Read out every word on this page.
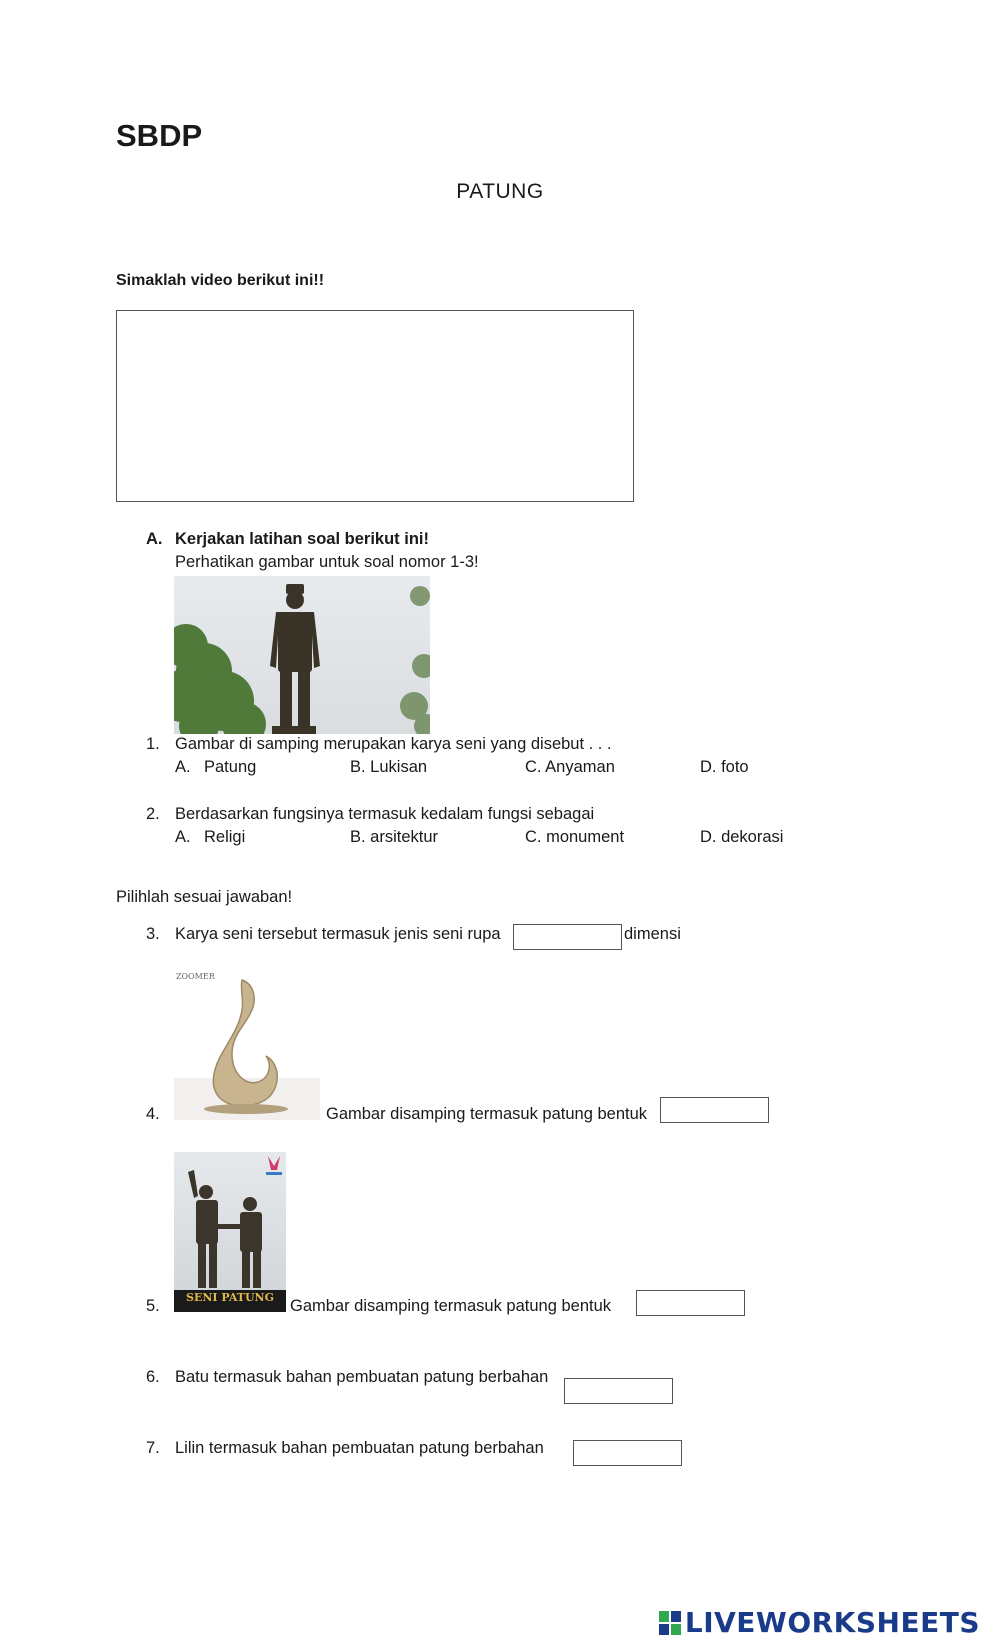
SBDP
PATUNG
Simaklah video berikut ini!!
A. Kerjakan latihan soal berikut ini!
Perhatikan gambar untuk soal nomor 1-3!
1. Gambar di samping merupakan karya seni yang disebut . . .
A. Patung	B. Lukisan	C. Anyaman	D. foto
2. Berdasarkan fungsinya termasuk kedalam fungsi sebagai
A. Religi	B. arsitektur	C. monument	D. dekorasi
Pilihlah sesuai jawaban!
3. Karya seni tersebut termasuk jenis seni rupa	dimensi
ZOOMER
4.	Gambar disamping termasuk patung bentuk
SENI PATUNG
5.	Gambar disamping termasuk patung bentuk
6. Batu termasuk bahan pembuatan patung berbahan
7. Lilin termasuk bahan pembuatan patung berbahan
LIVEWORKSHEETS
